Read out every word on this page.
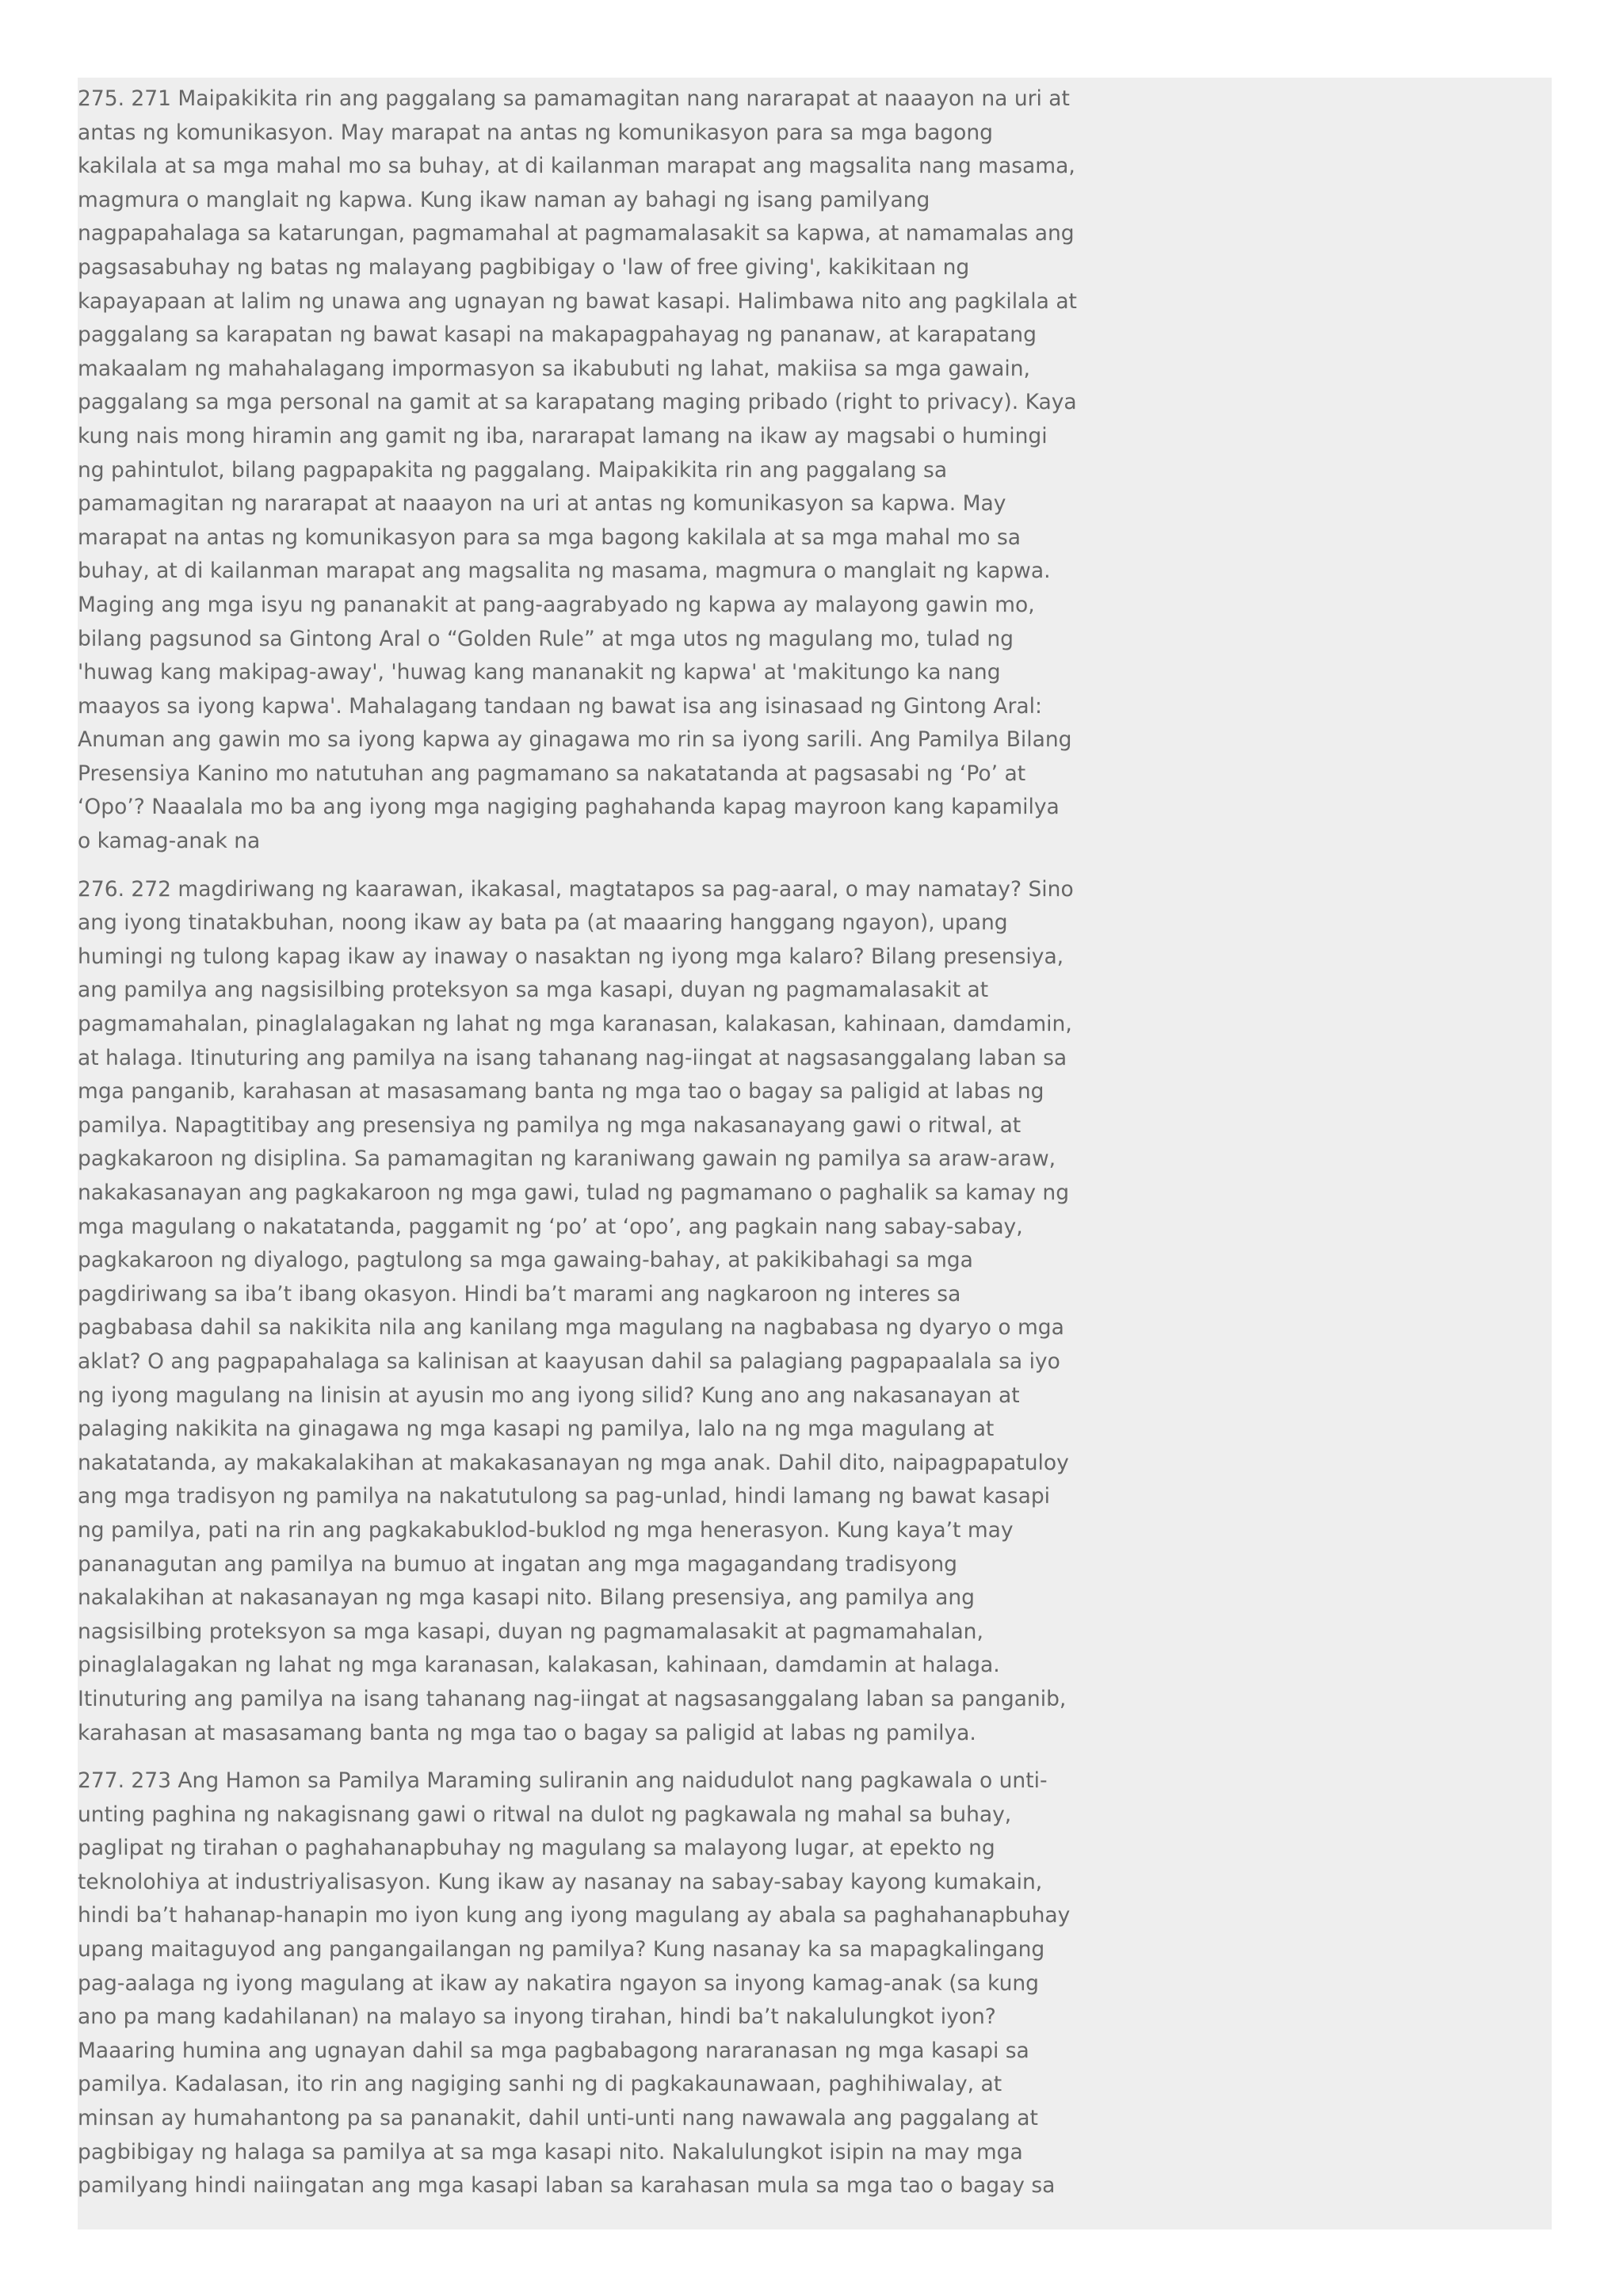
275. 271 Maipakikita rin ang paggalang sa pamamagitan nang nararapat at naaayon na uri at antas ng komunikasyon. May marapat na antas ng komunikasyon para sa mga bagong kakilala at sa mga mahal mo sa buhay, at di kailanman marapat ang magsalita nang masama, magmura o manglait ng kapwa. Kung ikaw naman ay bahagi ng isang pamilyang nagpapahalaga sa katarungan, pagmamahal at pagmamalasakit sa kapwa, at namamalas ang pagsasabuhay ng batas ng malayang pagbibigay o 'law of free giving', kakikitaan ng kapayapaan at lalim ng unawa ang ugnayan ng bawat kasapi. Halimbawa nito ang pagkilala at paggalang sa karapatan ng bawat kasapi na makapagpahayag ng pananaw, at karapatang makaalam ng mahahalagang impormasyon sa ikabubuti ng lahat, makiisa sa mga gawain, paggalang sa mga personal na gamit at sa karapatang maging pribado (right to privacy). Kaya kung nais mong hiramin ang gamit ng iba, nararapat lamang na ikaw ay magsabi o humingi ng pahintulot, bilang pagpapakita ng paggalang. Maipakikita rin ang paggalang sa pamamagitan ng nararapat at naaayon na uri at antas ng komunikasyon sa kapwa. May marapat na antas ng komunikasyon para sa mga bagong kakilala at sa mga mahal mo sa buhay, at di kailanman marapat ang magsalita ng masama, magmura o manglait ng kapwa. Maging ang mga isyu ng pananakit at pang-aagrabyado ng kapwa ay malayong gawin mo, bilang pagsunod sa Gintong Aral o “Golden Rule” at mga utos ng magulang mo, tulad ng 'huwag kang makipag-away', 'huwag kang mananakit ng kapwa' at 'makitungo ka nang maayos sa iyong kapwa'. Mahalagang tandaan ng bawat isa ang isinasaad ng Gintong Aral: Anuman ang gawin mo sa iyong kapwa ay ginagawa mo rin sa iyong sarili. Ang Pamilya Bilang Presensiya Kanino mo natutuhan ang pagmamano sa nakatatanda at pagsasabi ng ‘Po’ at ‘Opo’? Naaalala mo ba ang iyong mga nagiging paghahanda kapag mayroon kang kapamilya o kamag-anak na

276. 272 magdiriwang ng kaarawan, ikakasal, magtatapos sa pag-aaral, o may namatay? Sino ang iyong tinatakbuhan, noong ikaw ay bata pa (at maaaring hanggang ngayon), upang humingi ng tulong kapag ikaw ay inaway o nasaktan ng iyong mga kalaro? Bilang presensiya, ang pamilya ang nagsisilbing proteksyon sa mga kasapi, duyan ng pagmamalasakit at pagmamahalan, pinaglalagakan ng lahat ng mga karanasan, kalakasan, kahinaan, damdamin, at halaga. Itinuturing ang pamilya na isang tahanang nag-iingat at nagsasanggalang laban sa mga panganib, karahasan at masasamang banta ng mga tao o bagay sa paligid at labas ng pamilya. Napagtitibay ang presensiya ng pamilya ng mga nakasanayang gawi o ritwal, at pagkakaroon ng disiplina. Sa pamamagitan ng karaniwang gawain ng pamilya sa araw-araw, nakakasanayan ang pagkakaroon ng mga gawi, tulad ng pagmamano o paghalik sa kamay ng mga magulang o nakatatanda, paggamit ng ‘po’ at ‘opo’, ang pagkain nang sabay-sabay, pagkakaroon ng diyalogo, pagtulong sa mga gawaing-bahay, at pakikibahagi sa mga pagdiriwang sa iba’t ibang okasyon. Hindi ba’t marami ang nagkaroon ng interes sa pagbabasa dahil sa nakikita nila ang kanilang mga magulang na nagbabasa ng dyaryo o mga aklat? O ang pagpapahalaga sa kalinisan at kaayusan dahil sa palagiang pagpapaalala sa iyo ng iyong magulang na linisin at ayusin mo ang iyong silid? Kung ano ang nakasanayan at palaging nakikita na ginagawa ng mga kasapi ng pamilya, lalo na ng mga magulang at nakatatanda, ay makakalakihan at makakasanayan ng mga anak. Dahil dito, naipagpapatuloy ang mga tradisyon ng pamilya na nakatutulong sa pag-unlad, hindi lamang ng bawat kasapi ng pamilya, pati na rin ang pagkakabuklod-buklod ng mga henerasyon. Kung kaya’t may pananagutan ang pamilya na bumuo at ingatan ang mga magagandang tradisyong nakalakihan at nakasanayan ng mga kasapi nito. Bilang presensiya, ang pamilya ang nagsisilbing proteksyon sa mga kasapi, duyan ng pagmamalasakit at pagmamahalan, pinaglalagakan ng lahat ng mga karanasan, kalakasan, kahinaan, damdamin at halaga. Itinuturing ang pamilya na isang tahanang nag-iingat at nagsasanggalang laban sa panganib, karahasan at masasamang banta ng mga tao o bagay sa paligid at labas ng pamilya.

277. 273 Ang Hamon sa Pamilya Maraming suliranin ang naidudulot nang pagkawala o unti-unting paghina ng nakagisnang gawi o ritwal na dulot ng pagkawala ng mahal sa buhay, paglipat ng tirahan o paghahanapbuhay ng magulang sa malayong lugar, at epekto ng teknolohiya at industriyalisasyon. Kung ikaw ay nasanay na sabay-sabay kayong kumakain, hindi ba’t hahanap-hanapin mo iyon kung ang iyong magulang ay abala sa paghahanapbuhay upang maitaguyod ang pangangailangan ng pamilya? Kung nasanay ka sa mapagkalingang pag-aalaga ng iyong magulang at ikaw ay nakatira ngayon sa inyong kamag-anak (sa kung ano pa mang kadahilanan) na malayo sa inyong tirahan, hindi ba’t nakalulungkot iyon? Maaaring humina ang ugnayan dahil sa mga pagbabagong nararanasan ng mga kasapi sa pamilya. Kadalasan, ito rin ang nagiging sanhi ng di pagkakaunawaan, paghihiwalay, at minsan ay humahantong pa sa pananakit, dahil unti-unti nang nawawala ang paggalang at pagbibigay ng halaga sa pamilya at sa mga kasapi nito. Nakalulungkot isipin na may mga pamilyang hindi naiingatan ang mga kasapi laban sa karahasan mula sa mga tao o bagay sa
